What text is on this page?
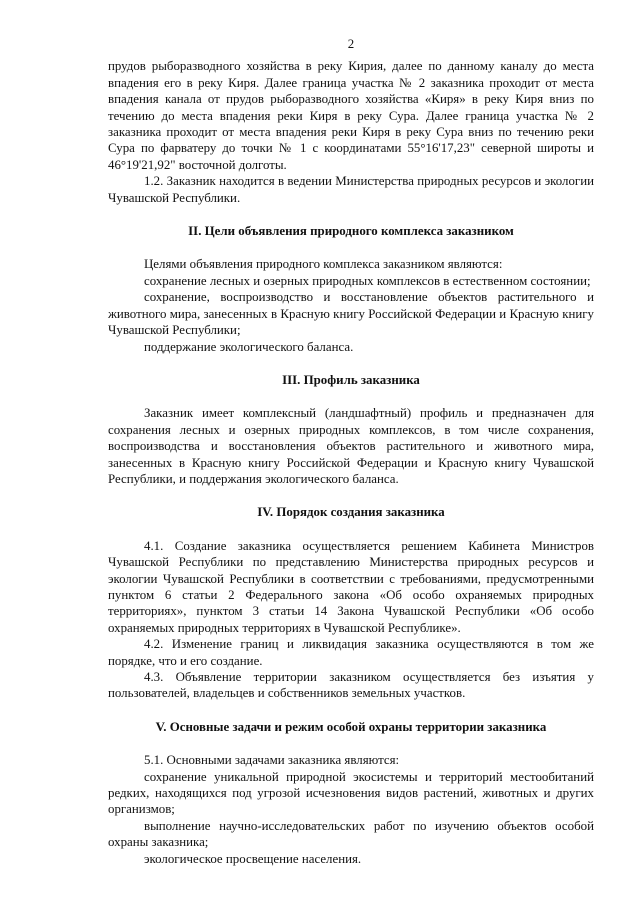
2

прудов рыборазводного хозяйства в реку Кирия, далее по данному каналу до места впадения его в реку Киря. Далее граница участка № 2 заказника проходит от места впадения канала от прудов рыборазводного хозяйства «Киря» в реку Киря вниз по течению до места впадения реки Киря в реку Сура. Далее граница участка № 2 заказника проходит от места впадения реки Киря в реку Сура вниз по течению реки Сура по фарватеру до точки № 1 с координатами 55°16'17,23" северной широты и 46°19'21,92" восточной долготы.

1.2. Заказник находится в ведении Министерства природных ресурсов и экологии Чувашской Республики.

II. Цели объявления природного комплекса заказником

Целями объявления природного комплекса заказником являются:

сохранение лесных и озерных природных комплексов в естественном состоянии;

сохранение, воспроизводство и восстановление объектов растительного и животного мира, занесенных в Красную книгу Российской Федерации и Красную книгу Чувашской Республики;

поддержание экологического баланса.

III. Профиль заказника

Заказник имеет комплексный (ландшафтный) профиль и предназначен для сохранения лесных и озерных природных комплексов, в том числе сохранения, воспроизводства и восстановления объектов растительного и животного мира, занесенных в Красную книгу Российской Федерации и Красную книгу Чувашской Республики, и поддержания экологического баланса.

IV. Порядок создания заказника

4.1. Создание заказника осуществляется решением Кабинета Министров Чувашской Республики по представлению Министерства природных ресурсов и экологии Чувашской Республики в соответствии с требованиями, предусмотренными пунктом 6 статьи 2 Федерального закона «Об особо охраняемых природных территориях», пунктом 3 статьи 14 Закона Чувашской Республики «Об особо охраняемых природных территориях в Чувашской Республике».

4.2. Изменение границ и ликвидация заказника осуществляются в том же порядке, что и его создание.

4.3. Объявление территории заказником осуществляется без изъятия у пользователей, владельцев и собственников земельных участков.

V. Основные задачи и режим особой охраны территории заказника

5.1. Основными задачами заказника являются:

сохранение уникальной природной экосистемы и территорий местообитаний редких, находящихся под угрозой исчезновения видов растений, животных и других организмов;

выполнение научно-исследовательских работ по изучению объектов особой охраны заказника;

экологическое просвещение населения.
